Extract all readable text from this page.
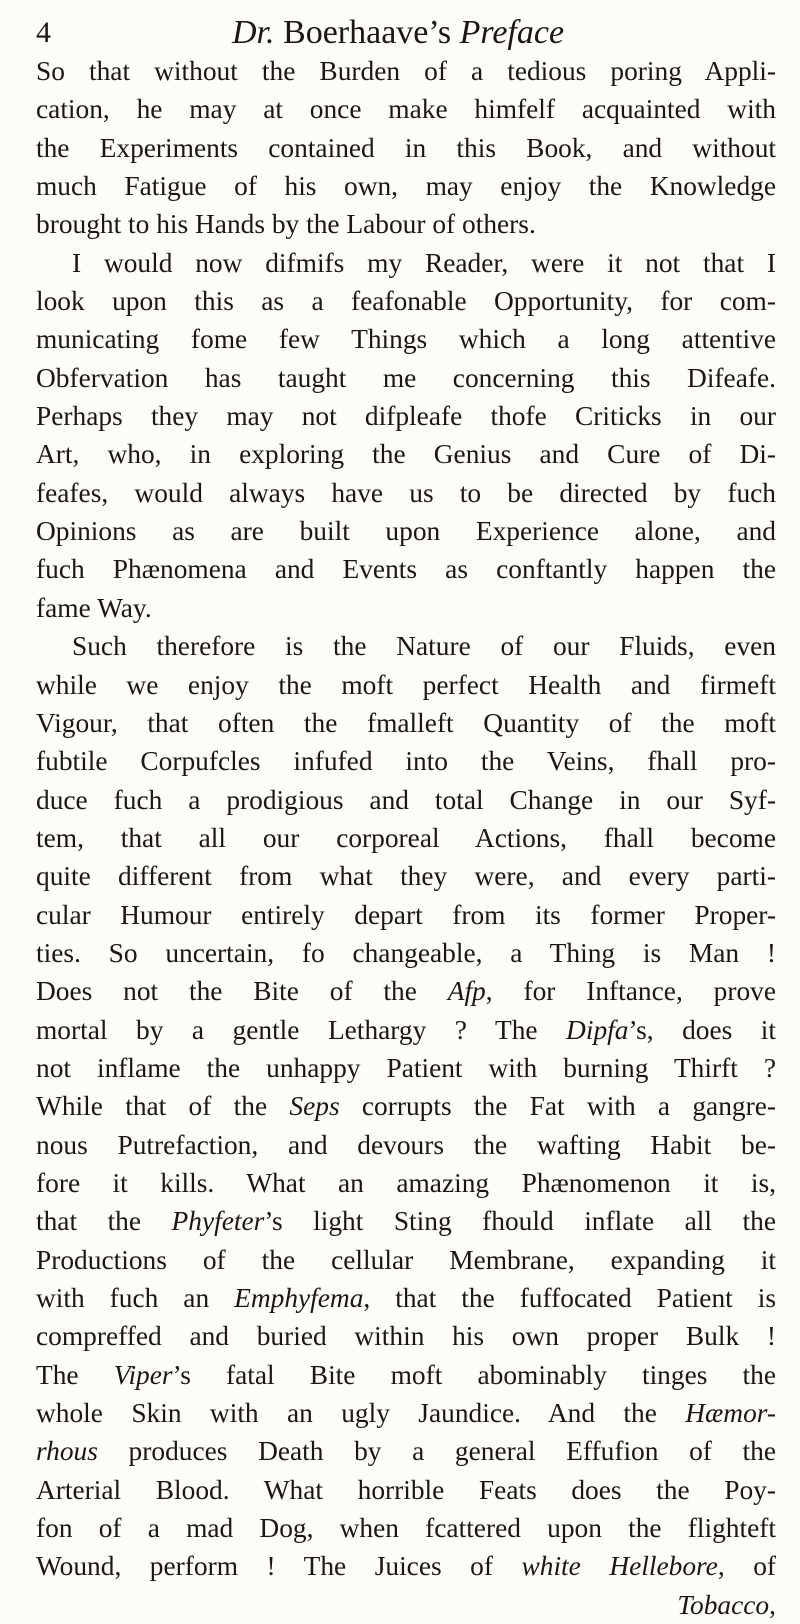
4	Dr. Boerhaave’s Preface
So that without the Burden of a tedious poring Appli-
cation, he may at once make himfelf acquainted with
the Experiments contained in this Book, and without
much Fatigue of his own, may enjoy the Knowledge
brought to his Hands by the Labour of others.
I would now difmifs my Reader, were it not that I
look upon this as a feafonable Opportunity, for com-
municating fome few Things which a long attentive
Obfervation has taught me concerning this Difeafe.
Perhaps they may not difpleafe thofe Criticks in our
Art, who, in exploring the Genius and Cure of Di-
feafes, would always have us to be directed by fuch
Opinions as are built upon Experience alone, and
fuch Phænomena and Events as conftantly happen the
fame Way.
Such therefore is the Nature of our Fluids, even
while we enjoy the moft perfect Health and firmeft
Vigour, that often the fmalleft Quantity of the moft
fubtile Corpufcles infufed into the Veins, fhall pro-
duce fuch a prodigious and total Change in our Syf-
tem, that all our corporeal Actions, fhall become
quite different from what they were, and every parti-
cular Humour entirely depart from its former Proper-
ties. So uncertain, fo changeable, a Thing is Man !
Does not the Bite of the Afp, for Inftance, prove
mortal by a gentle Lethargy ? The Dipfa’s, does it
not inflame the unhappy Patient with burning Thirft ?
While that of the Seps corrupts the Fat with a gangre-
nous Putrefaction, and devours the wafting Habit be-
fore it kills. What an amazing Phænomenon it is,
that the Phyfeter’s light Sting fhould inflate all the
Productions of the cellular Membrane, expanding it
with fuch an Emphyfema, that the fuffocated Patient is
compreffed and buried within his own proper Bulk !
The Viper’s fatal Bite moft abominably tinges the
whole Skin with an ugly Jaundice. And the Hæmor-
rhous produces Death by a general Effufion of the
Arterial Blood. What horrible Feats does the Poy-
fon of a mad Dog, when fcattered upon the flighteft
Wound, perform ! The Juices of white Hellebore, of
Tobacco,
